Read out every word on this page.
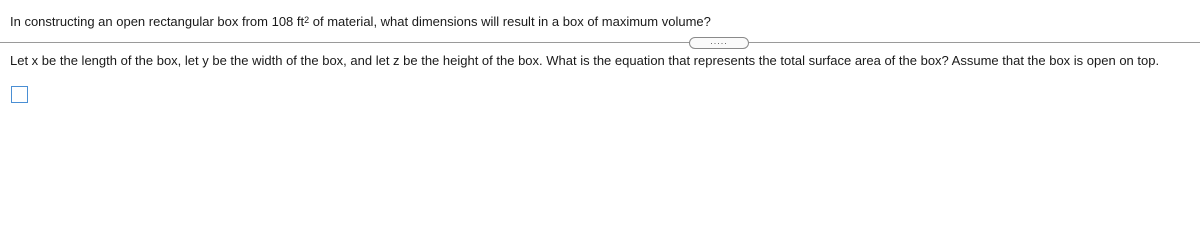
In constructing an open rectangular box from 108 $ft^2$ of material, what dimensions will result in a box of maximum volume?
.....
Let x be the length of the box, let y be the width of the box, and let z be the height of the box. What is the equation that represents the total surface area of the box? Assume that the box is open on top.
